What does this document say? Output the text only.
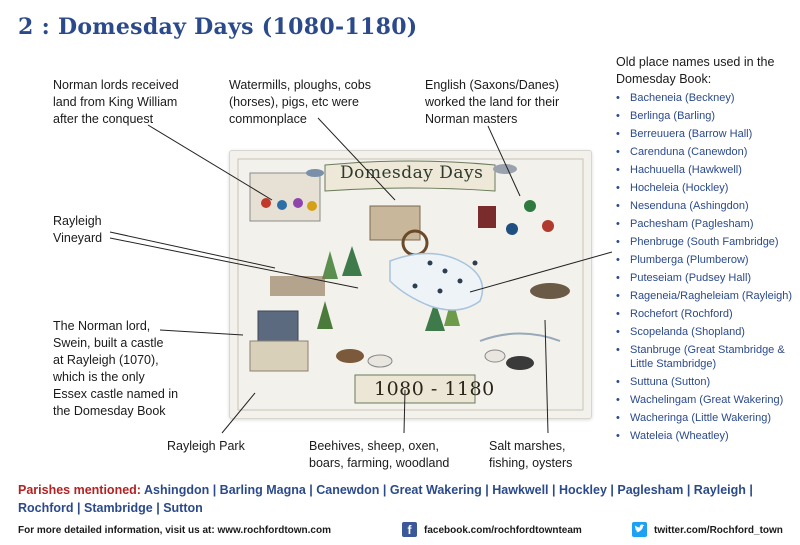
2 : Domesday Days (1080-1180)
Norman lords received
land from King William
after the conquest
Watermills, ploughs, cobs
(horses), pigs, etc were
commonplace
English (Saxons/Danes)
worked the land for their
Norman masters
Rayleigh
Vineyard
The Norman lord,
Swein, built a castle
at Rayleigh (1070),
which is the only
Essex castle named in
the Domesday Book
Rayleigh Park	Beehives, sheep, oxen,
boars, farming, woodland
Salt marshes,
fishing, oysters
Old place names used in the
Domesday Book:
• Bacheneia (Beckney)
• Berlinga (Barling)
• Berreuuera (Barrow Hall)
• Carenduna (Canewdon)
• Hachuuella (Hawkwell)
• Hocheleia (Hockley)
• Nesenduna (Ashingdon)
• Pachesham (Paglesham)
• Phenbruge (South Fambridge)
• Plumberga (Plumberow)
• Puteseiam (Pudsey Hall)
• Rageneia/Ragheleiam (Rayleigh)
• Rochefort (Rochford)
• Scopelanda (Shopland)
• Stanbruge (Great Stambridge & Little Stambridge)
• Suttuna (Sutton)
• Wachelingam (Great Wakering)
• Wacheringa (Little Wakering)
• Wateleia (Wheatley)
Domesday Days
1080 - 1180
Parishes mentioned: Ashingdon | Barling Magna | Canewdon | Great Wakering | Hawkwell | Hockley | Paglesham | Rayleigh |
Rochford | Stambridge | Sutton
For more detailed information, visit us at: www.rochfordtown.com	f	facebook.com/rochfordtownteam	twitter.com/Rochford_town
